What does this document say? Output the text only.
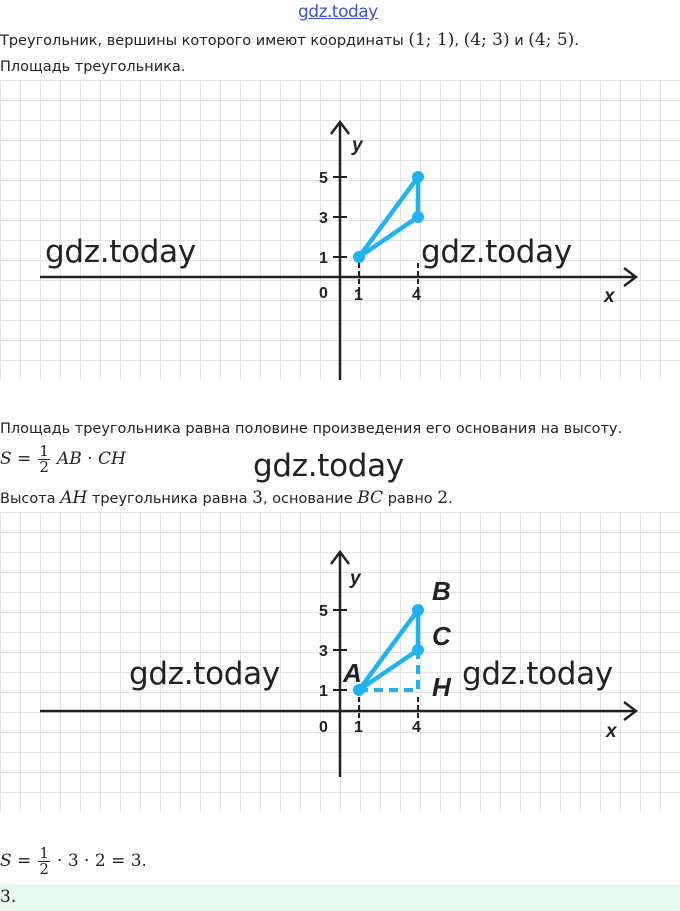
gdz.today
Треугольник, вершины которого имеют координаты (1; 1), (4; 3) и (4; 5).
Площадь треугольника.
y
x
0 1	4
5
3
1
gdz.today	gdz.today
Площадь треугольника равна половине произведения его основания на высоту.
$S = \frac{1}{2}$ AB · CH	gdz.today
Высота AH треугольника равна 3, основание BC равно 2.
y
x
0 1	4
5
3
1
A
B
C
H
gdz.today	gdz.today
$S = \frac{1}{2} \cdot 3 \cdot 2 = 3$.
3.
